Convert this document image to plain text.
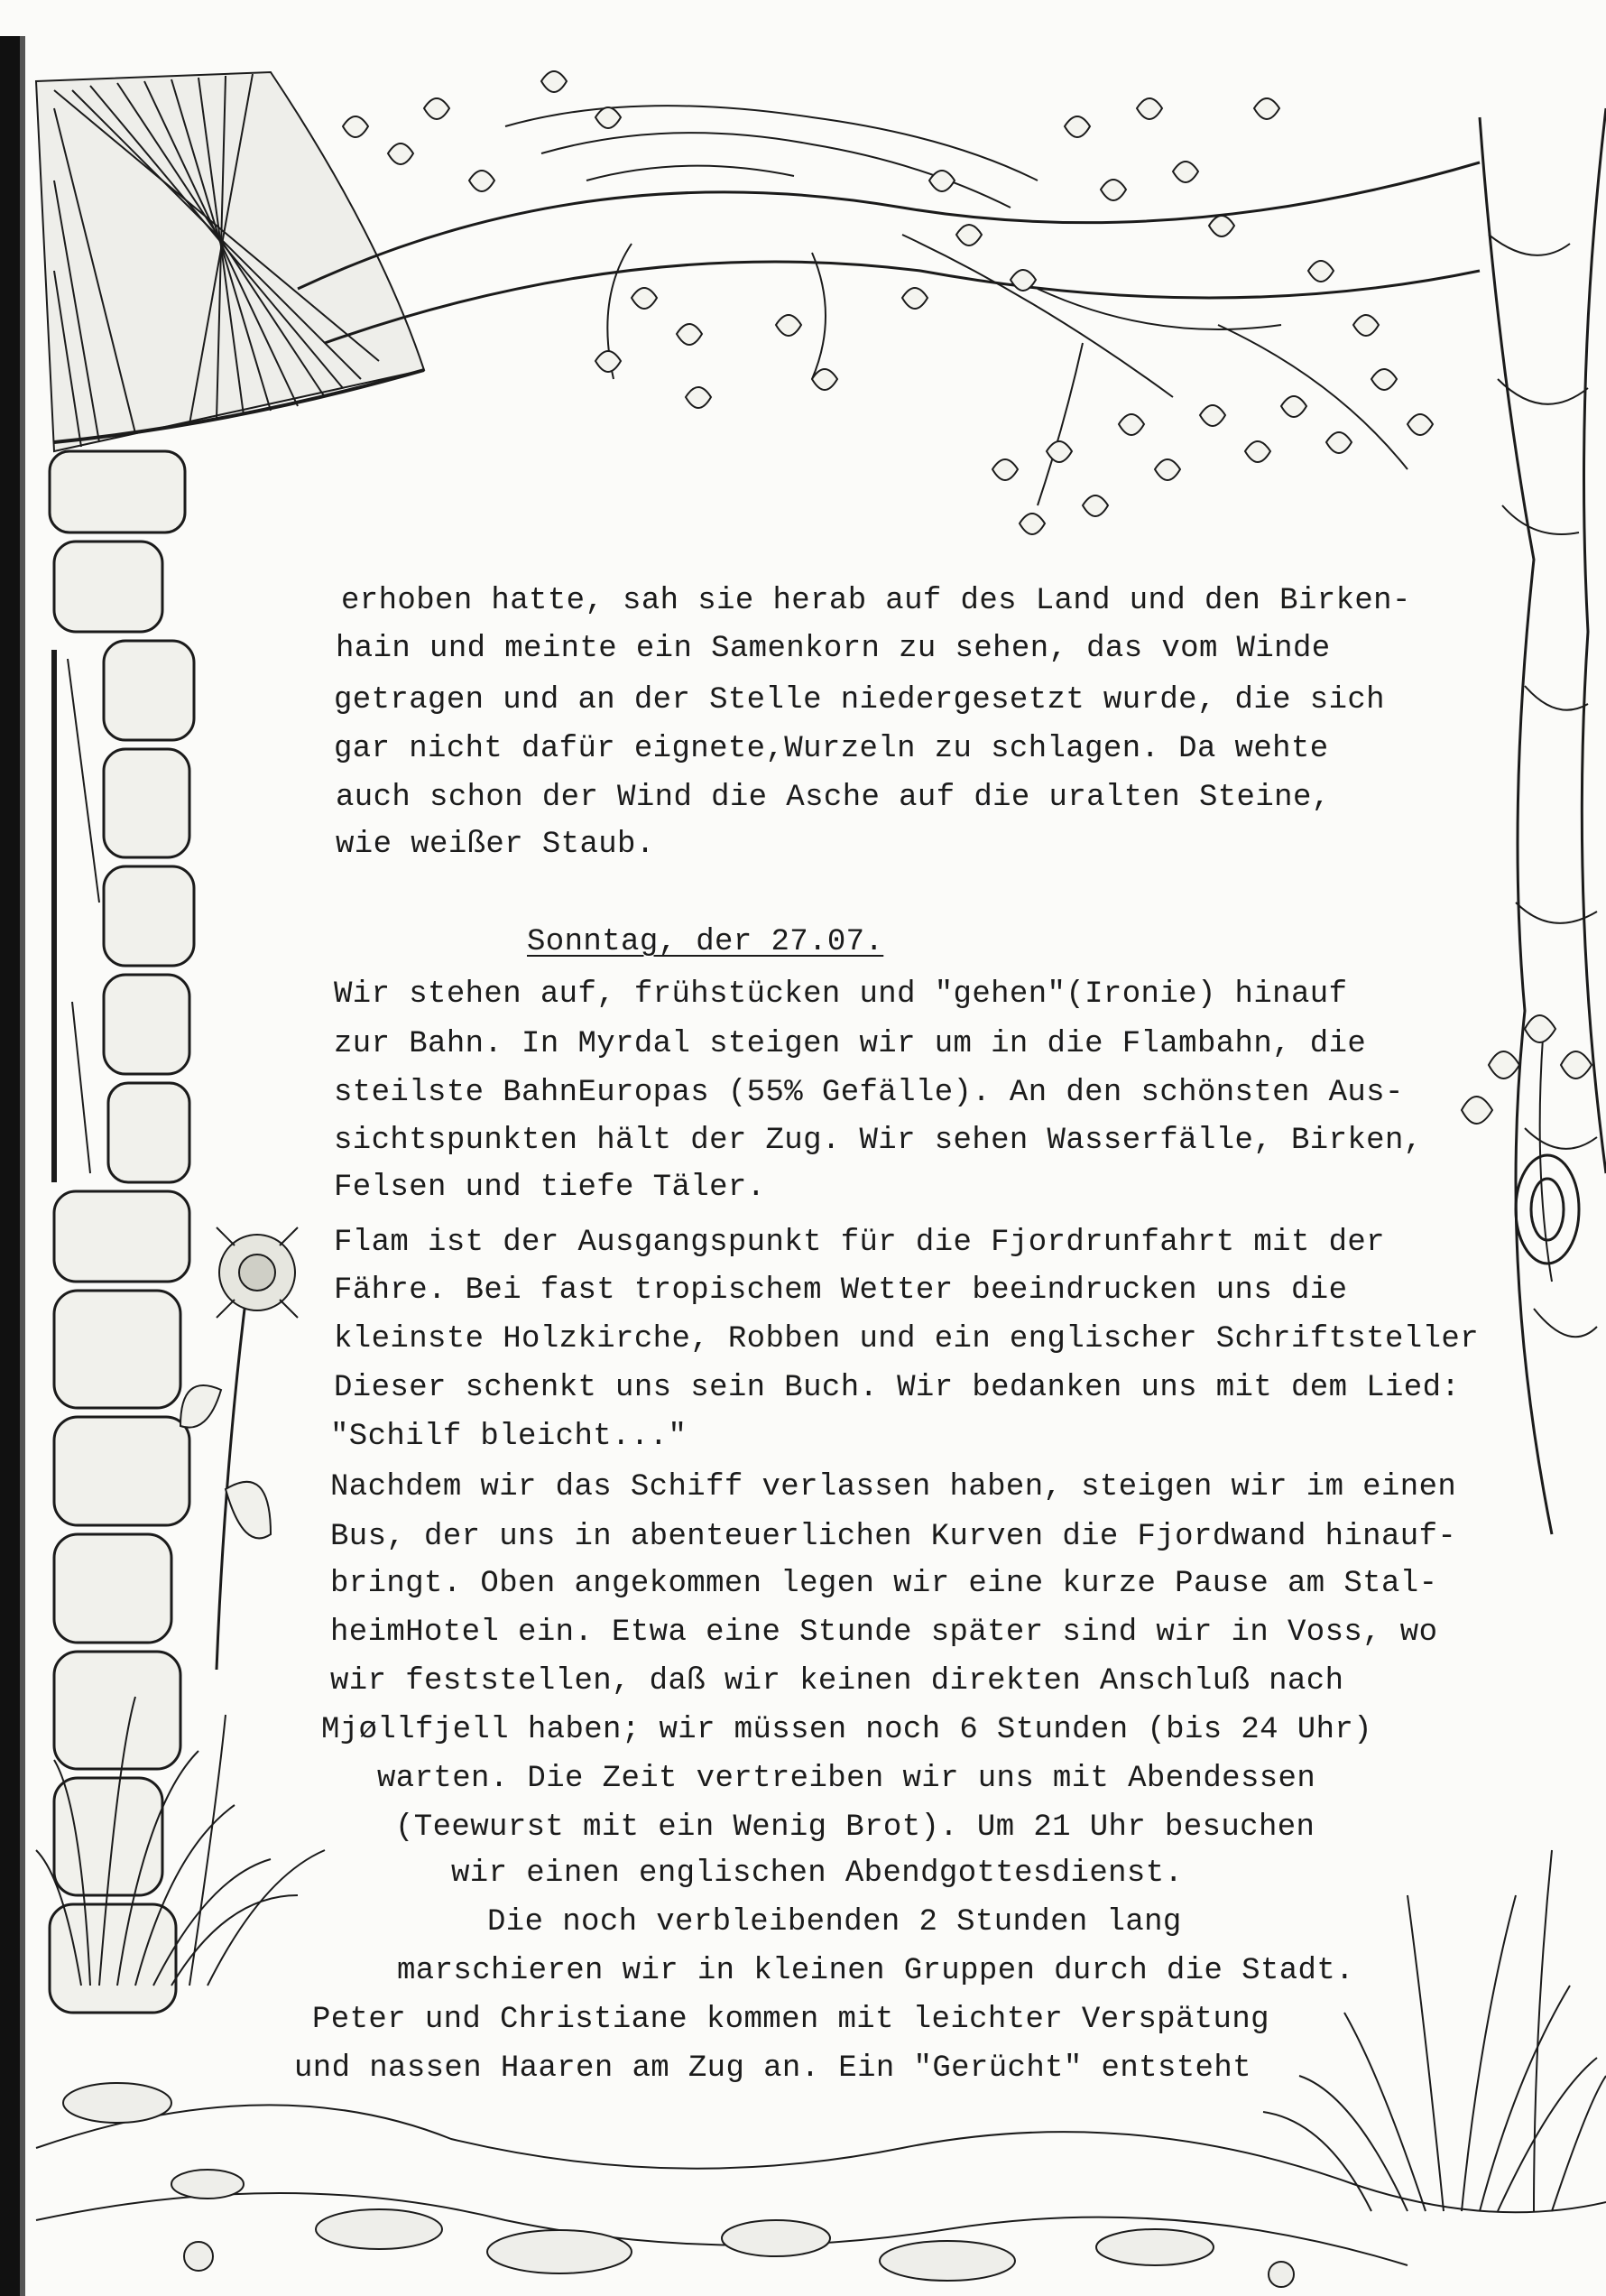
erhoben hatte, sah sie herab auf des Land und den Birken-
hain und meinte ein Samenkorn zu sehen, das vom Winde
getragen und an der Stelle niedergesetzt wurde, die sich
gar nicht dafür eignete,Wurzeln zu schlagen. Da wehte
auch schon der Wind die Asche auf die uralten Steine,
wie weißer Staub.
Sonntag, der 27.07.
Wir stehen auf, frühstücken und "gehen"(Ironie) hinauf
zur Bahn. In Myrdal steigen wir um in die Flambahn, die
steilste BahnEuropas (55% Gefälle). An den schönsten Aus-
sichtspunkten hält der Zug. Wir sehen Wasserfälle, Birken,
Felsen und tiefe Täler.
Flam ist der Ausgangspunkt für die Fjordrunfahrt mit der
Fähre. Bei fast tropischem Wetter beeindrucken uns die
kleinste Holzkirche, Robben und ein englischer Schriftsteller
Dieser schenkt uns sein Buch. Wir bedanken uns mit dem Lied:
"Schilf bleicht..."
Nachdem wir das Schiff verlassen haben, steigen wir im einen
Bus, der uns in abenteuerlichen Kurven die Fjordwand hinauf-
bringt. Oben angekommen legen wir eine kurze Pause am Stal-
heimHotel ein. Etwa eine Stunde später sind wir in Voss, wo
wir feststellen, daß wir keinen direkten Anschluß nach
Mjøllfjell haben; wir müssen noch 6 Stunden (bis 24 Uhr)
warten. Die Zeit vertreiben wir uns mit Abendessen
(Teewurst mit ein Wenig Brot). Um 21 Uhr besuchen
wir einen englischen Abendgottesdienst.
Die noch verbleibenden 2 Stunden lang
marschieren wir in kleinen Gruppen durch die Stadt.
Peter und Christiane kommen mit leichter Verspätung
und nassen Haaren am Zug an. Ein "Gerücht" entsteht
